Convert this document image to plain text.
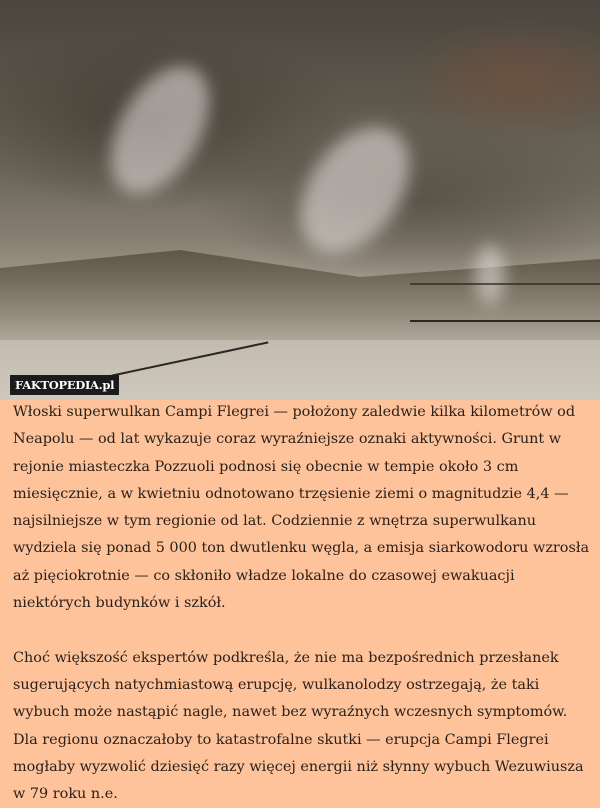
FAKTOPEDIA.pl

Włoski superwulkan Campi Flegrei — położony zaledwie kilka kilometrów od Neapolu — od lat wykazuje coraz wyraźniejsze oznaki aktywności. Grunt w rejonie miasteczka Pozzuoli podnosi się obecnie w tempie około 3 cm miesięcznie, a w kwietniu odnotowano trzęsienie ziemi o magnitudzie 4,4 — najsilniejsze w tym regionie od lat. Codziennie z wnętrza superwulkanu wydziela się ponad 5 000 ton dwutlenku węgla, a emisja siarkowodoru wzrosła aż pięciokrotnie — co skłoniło władze lokalne do czasowej ewakuacji niektórych budynków i szkół.

Choć większość ekspertów podkreśla, że nie ma bezpośrednich przesłanek sugerujących natychmiastową erupcję, wulkanolodzy ostrzegają, że taki wybuch może nastąpić nagle, nawet bez wyraźnych wczesnych symptomów. Dla regionu oznaczałoby to katastrofalne skutki — erupcja Campi Flegrei mogłaby wyzwolić dziesięć razy więcej energii niż słynny wybuch Wezuwiusza w 79 roku n.e.
